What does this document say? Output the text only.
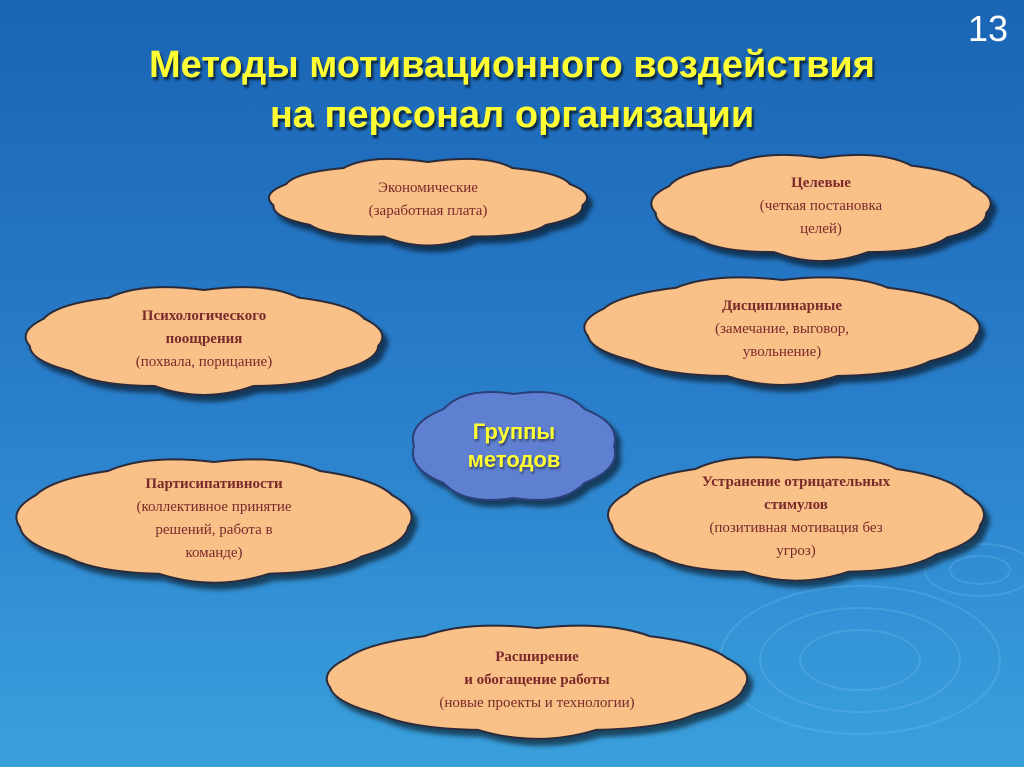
13
Методы мотивационного воздействия
на персонал организации
Экономические
(заработная плата)
Целевые
(четкая постановка
целей)
Психологического
поощрения
(похвала, порицание)
Дисциплинарные
(замечание, выговор,
увольнение)
Группы
методов
Партисипативности
(коллективное принятие
решений, работа в
команде)
Устранение отрицательных
стимулов
(позитивная мотивация без
угроз)
Расширение
и обогащение работы
(новые проекты и технологии)
